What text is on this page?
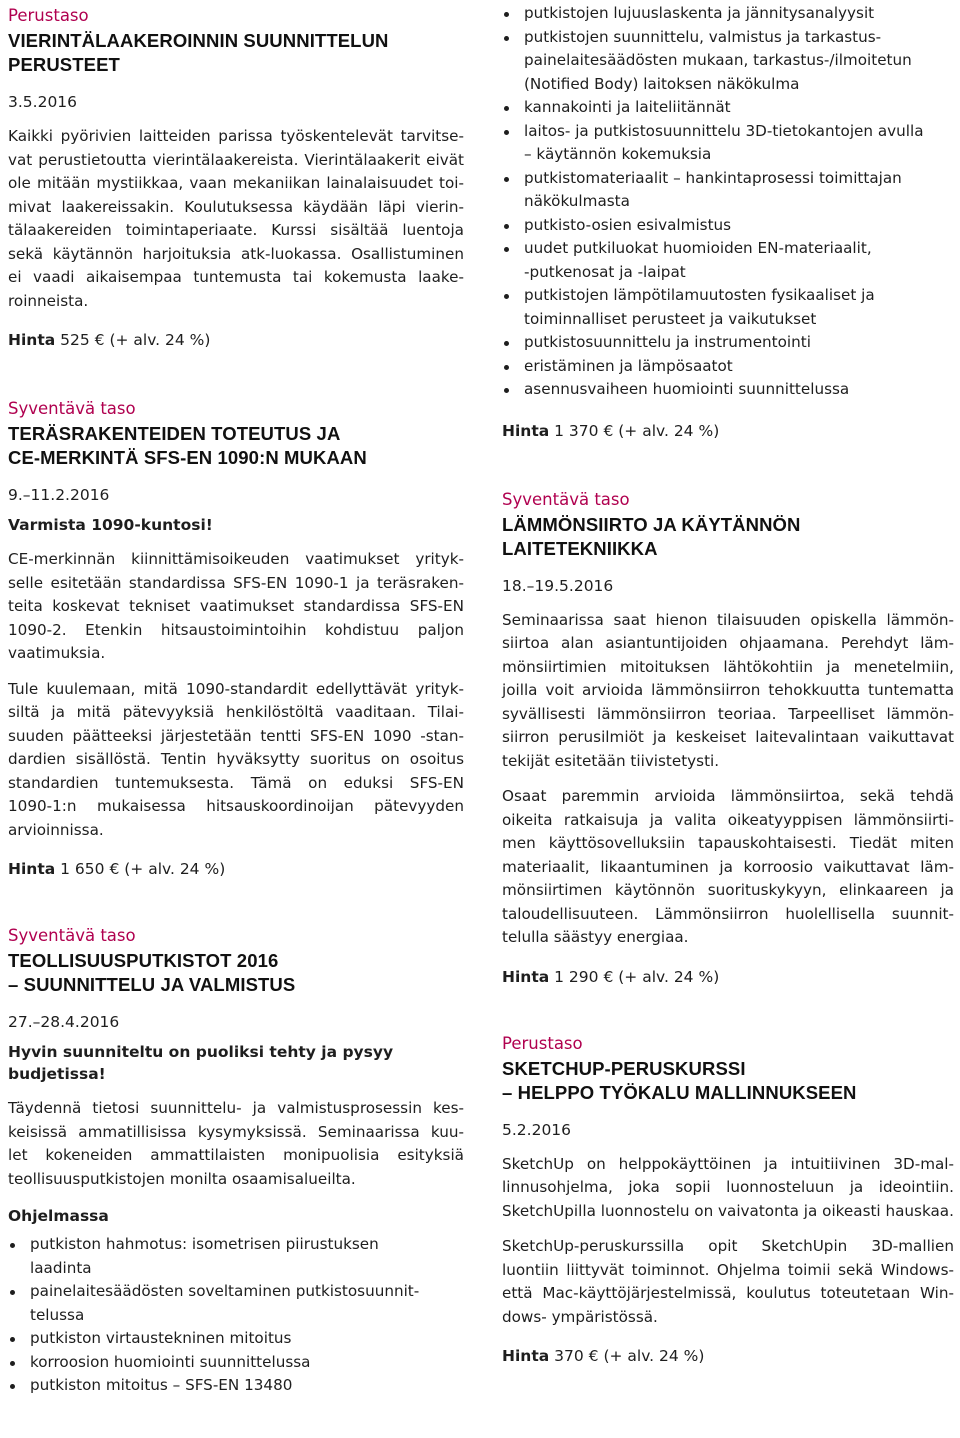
Perustaso

VIERINTÄLAAKEROINNIN SUUNNITTELUN
PERUSTEET

3.5.2016

Kaikki pyörivien laitteiden parissa työskentelevät tarvitse-
vat perustietoutta vierintälaakereista. Vierintälaakerit eivät
ole mitään mystiikkaa, vaan mekaniikan lainalaisuudet toi-
mivat laakereissakin. Koulutuksessa käydään läpi vierin-
tälaakereiden toimintaperiaate. Kurssi sisältää luentoja
sekä käytännön harjoituksia atk-luokassa. Osallistuminen
ei vaadi aikaisempaa tuntemusta tai kokemusta laake-
roinneista.

Hinta 525 € (+ alv. 24 %)

Syventävä taso

TERÄSRAKENTEIDEN TOTEUTUS JA
CE-MERKINTÄ SFS-EN 1090:N MUKAAN

9.–11.2.2016

Varmista 1090-kuntosi!

CE-merkinnän kiinnittämisoikeuden vaatimukset yrityk-
selle esitetään standardissa SFS-EN 1090-1 ja teräsraken-
teita koskevat tekniset vaatimukset standardissa SFS-EN
1090-2. Etenkin hitsaustoimintoihin kohdistuu paljon
vaatimuksia.

Tule kuulemaan, mitä 1090-standardit edellyttävät yrityk-
siltä ja mitä pätevyyksiä henkilöstöltä vaaditaan. Tilai-
suuden päätteeksi järjestetään tentti SFS-EN 1090 -stan-
dardien sisällöstä. Tentin hyväksytty suoritus on osoitus
standardien tuntemuksesta. Tämä on eduksi SFS-EN
1090-1:n mukaisessa hitsauskoordinoijan pätevyyden
arvioinnissa.

Hinta 1 650 € (+ alv. 24 %)

Syventävä taso

TEOLLISUUSPUTKISTOT 2016
– SUUNNITTELU JA VALMISTUS

27.–28.4.2016

Hyvin suunniteltu on puoliksi tehty ja pysyy budjetissa!

Täydennä tietosi suunnittelu- ja valmistusprosessin kes-
keisissä ammatillisissa kysymyksissä. Seminaarissa kuu-
let kokeneiden ammattilaisten monipuolisia esityksiä
teollisuusputkistojen monilta osaamisalueilta.

Ohjelmassa

putkiston hahmotus: isometrisen piirustuksen
laadinta
painelaitesäädösten soveltaminen putkistosuunnit-
telussa
putkiston virtaustekninen mitoitus
korroosion huomiointi suunnittelussa
putkiston mitoitus – SFS-EN 13480
putkistojen lujuuslaskenta ja jännitysanalyysit
putkistojen suunnittelu, valmistus ja tarkastus-
painelaitesäädösten mukaan, tarkastus-/ilmoitetun
(Notified Body) laitoksen näkökulma
kannakointi ja laiteliitännät
laitos- ja putkistosuunnittelu 3D-tietokantojen avulla
– käytännön kokemuksia
putkistomateriaalit – hankintaprosessi toimittajan
näkökulmasta
putkisto-osien esivalmistus
uudet putkiluokat huomioiden EN-materiaalit,
-putkenosat ja -laipat
putkistojen lämpötilamuutosten fysikaaliset ja
toiminnalliset perusteet ja vaikutukset
putkistosuunnittelu ja instrumentointi
eristäminen ja lämpösaatot
asennusvaiheen huomiointi suunnittelussa

Hinta 1 370 € (+ alv. 24 %)

Syventävä taso

LÄMMÖNSIIRTO JA KÄYTÄNNÖN
LAITETEKNIIKKA

18.–19.5.2016

Seminaarissa saat hienon tilaisuuden opiskella lämmön-
siirtoa alan asiantuntijoiden ohjaamana. Perehdyt läm-
mönsiirtimien mitoituksen lähtökohtiin ja menetelmiin,
joilla voit arvioida lämmönsiirron tehokkuutta tuntematta
syvällisesti lämmönsiirron teoriaa. Tarpeelliset lämmön-
siirron perusilmiöt ja keskeiset laitevalintaan vaikuttavat
tekijät esitetään tiivistetysti.

Osaat paremmin arvioida lämmönsiirtoa, sekä tehdä
oikeita ratkaisuja ja valita oikeatyyppisen lämmönsiirti-
men käyttösovelluksiin tapauskohtaisesti. Tiedät miten
materiaalit, likaantuminen ja korroosio vaikuttavat läm-
mönsiirtimen käytönnön suorituskykyyn, elinkaareen ja
taloudellisuuteen. Lämmönsiirron huolellisella suunnit-
telulla säästyy energiaa.

Hinta 1 290 € (+ alv. 24 %)

Perustaso

SKETCHUP-PERUSKURSSI
– HELPPO TYÖKALU MALLINNUKSEEN

5.2.2016

SketchUp on helppokäyttöinen ja intuitiivinen 3D-mal-
linnusohjelma, joka sopii luonnosteluun ja ideointiin.
SketchUpilla luonnostelu on vaivatonta ja oikeasti hauskaa.

SketchUp-peruskurssilla opit SketchUpin 3D-mallien
luontiin liittyvät toiminnot. Ohjelma toimii sekä Windows-
että Mac-käyttöjärjestelmissä, koulutus toteutetaan Win-
dows- ympäristössä.

Hinta 370 € (+ alv. 24 %)
